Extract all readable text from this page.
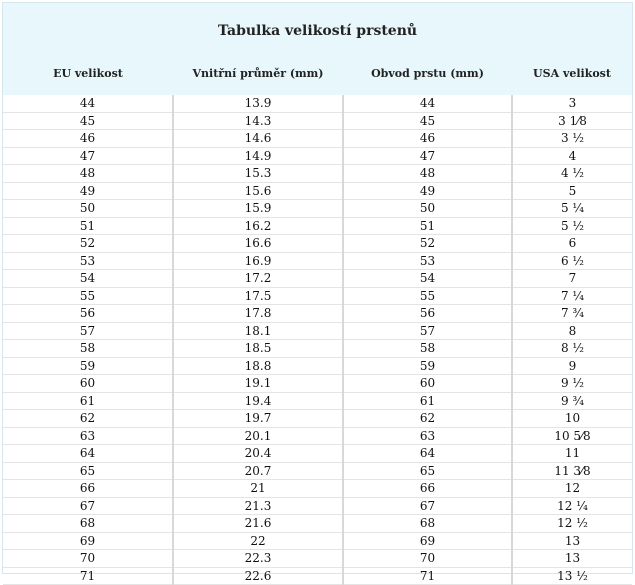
Tabulka velikostí prstenů
EU velikost	Vnitřní průměr (mm)	Obvod prstu (mm)	USA velikost
44	13.9	44	3
45	14.3	45	3 1⁄8
46	14.6	46	3 ½
47	14.9	47	4
48	15.3	48	4 ½
49	15.6	49	5
50	15.9	50	5 ¼
51	16.2	51	5 ½
52	16.6	52	6
53	16.9	53	6 ½
54	17.2	54	7
55	17.5	55	7 ¼
56	17.8	56	7 ¾
57	18.1	57	8
58	18.5	58	8 ½
59	18.8	59	9
60	19.1	60	9 ½
61	19.4	61	9 ¾
62	19.7	62	10
63	20.1	63	10 5⁄8
64	20.4	64	11
65	20.7	65	11 3⁄8
66	21	66	12
67	21.3	67	12 ¼
68	21.6	68	12 ½
69	22	69	13
70	22.3	70	13
71	22.6	71	13 ½
